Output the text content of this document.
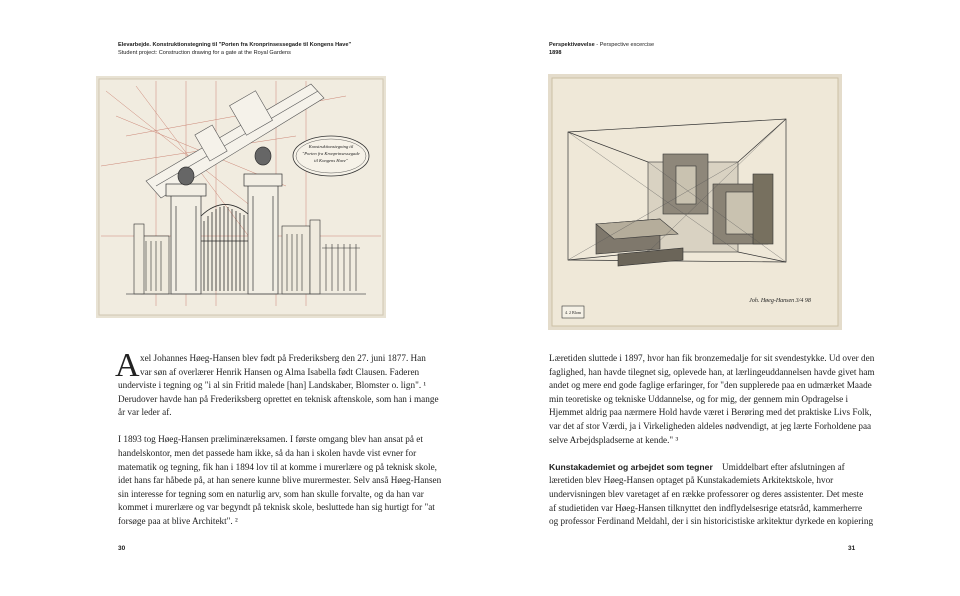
Elevarbejde. Konstruktionstegning til "Porten fra Kronprinsessegade til Kongens Have"
Student project: Construction drawing for a gate at the Royal Gardens
Konstruktionstegning til
"Porten fra Kronprinsessegade
til Kongens Have"
A xel Johannes Høeg-Hansen blev født på Frederiksberg den 27. juni 1877. Han

var søn af overlærer Henrik Hansen og Alma Isabella født Clausen. Faderen

underviste i tegning og "i al sin Fritid malede [han] Landskaber, Blomster o. lign". ¹

Derudover havde han på Frederiksberg oprettet en teknisk aftenskole, som han i mange

år var leder af.

I 1893 tog Høeg-Hansen præliminæreksamen. I første omgang blev han ansat på et

handelskontor, men det passede ham ikke, så da han i skolen havde vist evner for

matematik og tegning, fik han i 1894 lov til at komme i murerlære og på teknisk skole,

idet hans far håbede på, at han senere kunne blive murermester. Selv anså Høeg-Hansen

sin interesse for tegning som en naturlig arv, som han skulle forvalte, og da han var

kommet i murerlære og var begyndt på teknisk skole, besluttede han sig hurtigt for "at

forsøge paa at blive Architekt". ²

30
Perspektivøvelse - Perspective excercise
1898
4. 2 Blom
Joh. Høeg-Hansen 3/4 98

Læretiden sluttede i 1897, hvor han fik bronzemedalje for sit svendestykke. Ud over den

faglighed, han havde tilegnet sig, oplevede han, at lærlingeuddannelsen havde givet ham

andet og mere end gode faglige erfaringer, for "den supplerede paa en udmærket Maade

min teoretiske og tekniske Uddannelse, og for mig, der gennem min Opdragelse i

Hjemmet aldrig paa nærmere Hold havde været i Berøring med det praktiske Livs Folk,

var det af stor Værdi, ja i Virkeligheden aldeles nødvendigt, at jeg lærte Forholdene paa

selve Arbejdspladserne at kende." ³

Kunstakademiet og arbejdet som tegner Umiddelbart efter afslutningen af

læretiden blev Høeg-Hansen optaget på Kunstakademiets Arkitektskole, hvor

undervisningen blev varetaget af en række professorer og deres assistenter. Det meste

af studietiden var Høeg-Hansen tilknyttet den indflydelsesrige etatsråd, kammerherre

og professor Ferdinand Meldahl, der i sin historicistiske arkitektur dyrkede en kopiering

31
